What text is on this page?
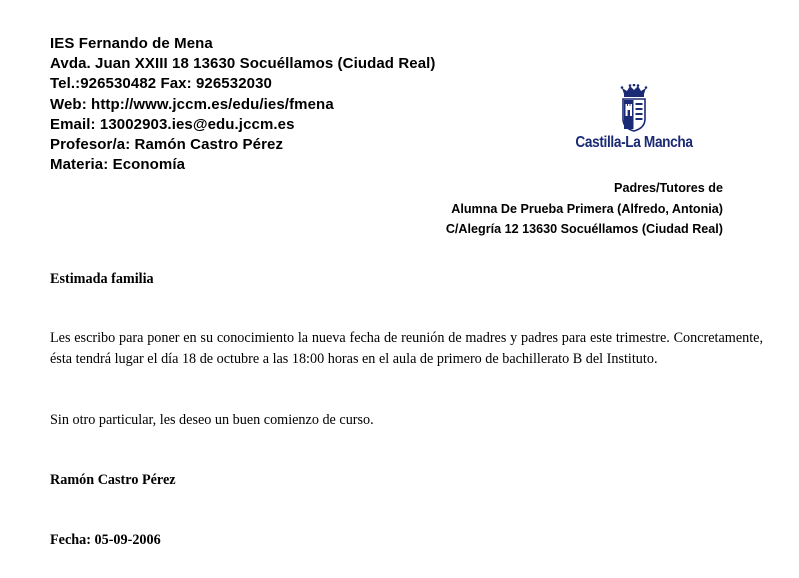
IES Fernando de Mena
Avda. Juan XXIII 18 13630 Socuéllamos (Ciudad Real)
Tel.:926530482 Fax: 926532030
Web: http://www.jccm.es/edu/ies/fmena
Email: 13002903.ies@edu.jccm.es
Profesor/a: Ramón Castro Pérez
Materia: Economía
Castilla-La Mancha
Padres/Tutores de
Alumna De Prueba Primera (Alfredo, Antonia)
C/Alegría 12 13630 Socuéllamos (Ciudad Real)
Estimada familia
Les escribo para poner en su conocimiento la nueva fecha de reunión de madres y padres para este trimestre. Concretamente, ésta tendrá lugar el día 18 de octubre a las 18:00 horas en el aula de primero de bachillerato B del Instituto.
Sin otro particular, les deseo un buen comienzo de curso.
Ramón Castro Pérez
Fecha: 05-09-2006
